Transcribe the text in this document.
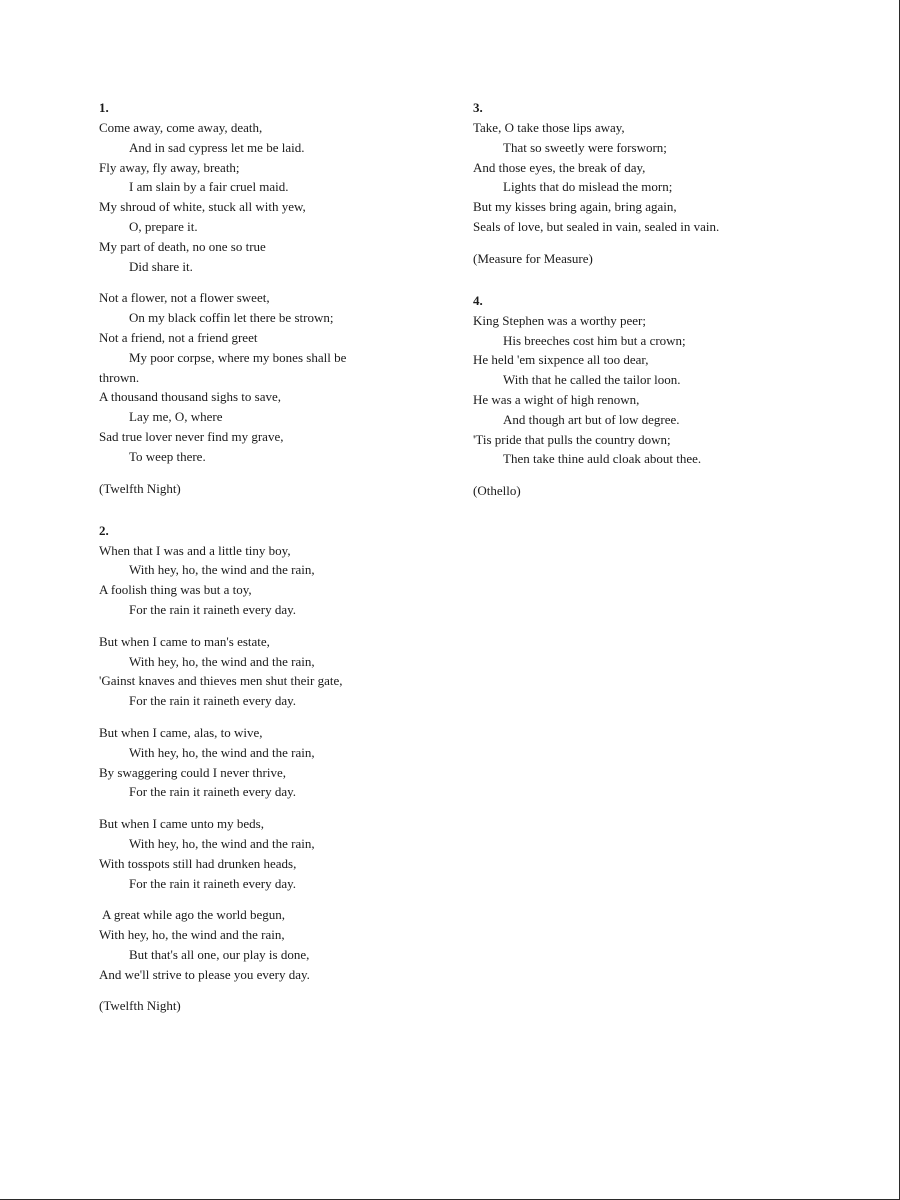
1.
Come away, come away, death,
And in sad cypress let me be laid.
Fly away, fly away, breath;
I am slain by a fair cruel maid.
My shroud of white, stuck all with yew,
O, prepare it.
My part of death, no one so true
Did share it.
Not a flower, not a flower sweet,
On my black coffin let there be strown;
Not a friend, not a friend greet
My poor corpse, where my bones shall be
thrown.
A thousand thousand sighs to save,
Lay me, O, where
Sad true lover never find my grave,
To weep there.
(Twelfth Night)
2.
When that I was and a little tiny boy,
With hey, ho, the wind and the rain,
A foolish thing was but a toy,
For the rain it raineth every day.
But when I came to man's estate,
With hey, ho, the wind and the rain,
'Gainst knaves and thieves men shut their gate,
For the rain it raineth every day.
But when I came, alas, to wive,
With hey, ho, the wind and the rain,
By swaggering could I never thrive,
For the rain it raineth every day.
But when I came unto my beds,
With hey, ho, the wind and the rain,
With tosspots still had drunken heads,
For the rain it raineth every day.
A great while ago the world begun,
With hey, ho, the wind and the rain,
But that's all one, our play is done,
And we'll strive to please you every day.
(Twelfth Night)
3.
Take, O take those lips away,
That so sweetly were forsworn;
And those eyes, the break of day,
Lights that do mislead the morn;
But my kisses bring again, bring again,
Seals of love, but sealed in vain, sealed in vain.
(Measure for Measure)
4.
King Stephen was a worthy peer;
His breeches cost him but a crown;
He held 'em sixpence all too dear,
With that he called the tailor loon.
He was a wight of high renown,
And though art but of low degree.
'Tis pride that pulls the country down;
Then take thine auld cloak about thee.
(Othello)
